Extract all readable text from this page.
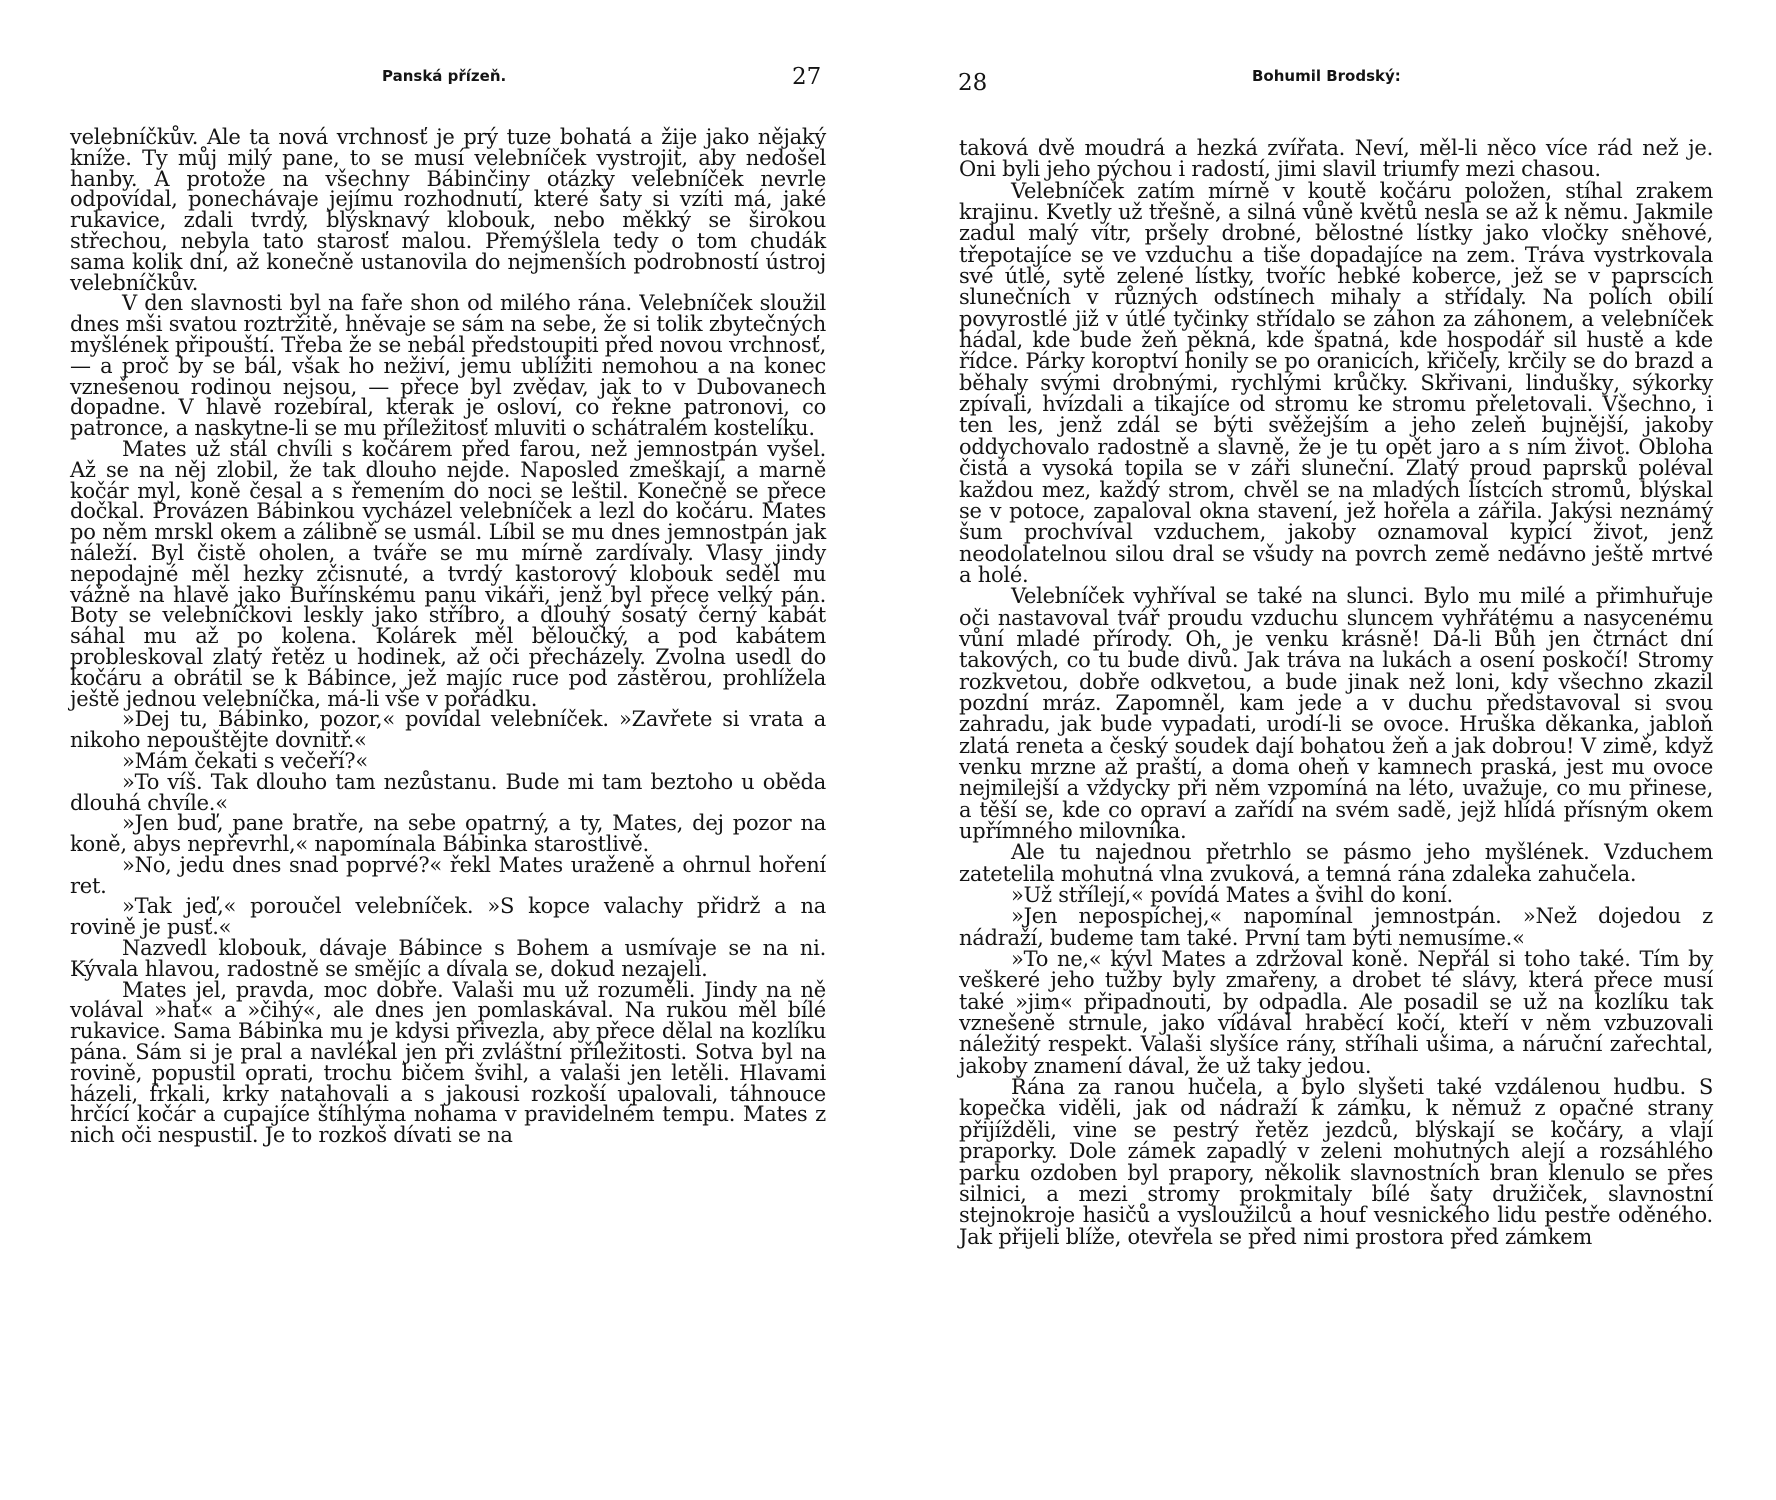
Panská přízeň.	27

velebníčkův. Ale ta nová vrchnosť je prý tuze bohatá a žije jako nějaký kníže. Ty můj milý pane, to se musí velebníček vystrojit, aby nedošel hanby. A protože na všechny Bábinčiny otázky velebníček nevrle odpovídal, ponechávaje jejímu rozhodnutí, které šaty si vzíti má, jaké rukavice, zdali tvrdý, blýsknavý klobouk, nebo měkký se širokou střechou, nebyla tato starosť malou. Přemýšlela tedy o tom chudák sama kolik dní, až konečně ustanovila do nejmenších podrobností ústroj velebníčkův.

V den slavnosti byl na faře shon od milého rána. Velebníček sloužil dnes mši svatou roztržitě, hněvaje se sám na sebe, že si tolik zbytečných myšlének připouští. Třeba že se nebál předstoupiti před novou vrchnosť, — a proč by se bál, však ho neživí, jemu ublížiti nemohou a na konec vznešenou rodinou nejsou, — přece byl zvědav, jak to v Dubovanech dopadne. V hlavě rozebíral, kterak je osloví, co řekne patronovi, co patronce, a naskytne-li se mu příležitosť mluviti o schátralém kostelíku.

Mates už stál chvíli s kočárem před farou, než jemnostpán vyšel. Až se na něj zlobil, že tak dlouho nejde. Naposled zmeškají, a marně kočár myl, koně česal a s řemením do noci se leštil. Konečně se přece dočkal. Provázen Bábinkou vycházel velebníček a lezl do kočáru. Mates po něm mrskl okem a zálibně se usmál. Líbil se mu dnes jemnostpán jak náleží. Byl čistě oholen, a tváře se mu mírně zardívaly. Vlasy jindy nepodajné měl hezky zčisnuté, a tvrdý kastorový klobouk seděl mu vážně na hlavě jako Buřínskému panu vikáři, jenž byl přece velký pán. Boty se velebníčkovi leskly jako stříbro, a dlouhý šosatý černý kabát sáhal mu až po kolena. Kolárek měl běloučký, a pod kabátem probleskoval zlatý řetěz u hodinek, až oči přecházely. Zvolna usedl do kočáru a obrátil se k Bábince, jež majíc ruce pod zástěrou, prohlížela ještě jednou velebníčka, má-li vše v pořádku.

»Dej tu, Bábinko, pozor,« povídal velebníček. »Zavřete si vrata a nikoho nepouštějte dovnitř.«

»Mám čekati s večeří?«

»To víš. Tak dlouho tam nezůstanu. Bude mi tam beztoho u oběda dlouhá chvíle.«

»Jen buď, pane bratře, na sebe opatrný, a ty, Mates, dej pozor na koně, abys nepřevrhl,« napomínala Bábinka starostlivě.

»No, jedu dnes snad poprvé?« řekl Mates uraženě a ohrnul hoření ret.

»Tak jeď,« poroučel velebníček. »S kopce valachy přidrž a na rovině je pusť.«

Nazvedl klobouk, dávaje Bábince s Bohem a usmívaje se na ni. Kývala hlavou, radostně se smějíc a dívala se, dokud nezajeli.

Mates jel, pravda, moc dobře. Valaši mu už rozuměli. Jindy na ně volával »hat« a »čihý«, ale dnes jen pomlaskával. Na rukou měl bílé rukavice. Sama Bábinka mu je kdysi přivezla, aby přece dělal na kozlíku pána. Sám si je pral a navlékal jen při zvláštní příležitosti. Sotva byl na rovině, popustil oprati, trochu bičem švihl, a valaši jen letěli. Hlavami házeli, frkali, krky natahovali a s jakousi rozkoší upalovali, táhnouce hrčící kočár a cupajíce štíhlýma nohama v pravidelném tempu. Mates z nich oči nespustil. Je to rozkoš dívati se na

28	Bohumil Brodský:

taková dvě moudrá a hezká zvířata. Neví, měl-li něco více rád než je. Oni byli jeho pýchou i radostí, jimi slavil triumfy mezi chasou.

Velebníček zatím mírně v koutě kočáru položen, stíhal zrakem krajinu. Kvetly už třešně, a silná vůně květů nesla se až k němu. Jakmile zadul malý vítr, pršely drobné, bělostné lístky jako vločky sněhové, třepotajíce se ve vzduchu a tiše dopadajíce na zem. Tráva vystrkovala své útlé, sytě zelené lístky, tvoříc hebké koberce, jež se v paprscích slunečních v různých odstínech mihaly a střídaly. Na polích obilí povyrostlé již v útlé tyčinky střídalo se záhon za záhonem, a velebníček hádal, kde bude žeň pěkná, kde špatná, kde hospodář sil hustě a kde řídce. Párky koroptví honily se po oranicích, křičely, krčily se do brazd a běhaly svými drobnými, rychlými krůčky. Skřivani, linduškу, sýkorky zpívali, hvízdali a tikajíce od stromu ke stromu přeletovali. Všechno, i ten les, jenž zdál se býti svěžejším a jeho zeleň bujnější, jakoby oddychovalo radostně a slavně, že je tu opět jaro a s ním život. Obloha čistá a vysoká topila se v záři sluneční. Zlatý proud paprsků poléval každou mez, každý strom, chvěl se na mladých lístcích stromů, blýskal se v potoce, zapaloval okna stavení, jež hořela a zářila. Jakýsi neznámý šum prochvíval vzduchem, jakoby oznamoval kypící život, jenž neodolatelnou silou dral se všudy na povrch země nedávno ještě mrtvé a holé.

Velebníček vyhříval se také na slunci. Bylo mu milé a přimhuřuje oči nastavoval tvář proudu vzduchu sluncem vyhřátému a nasycenému vůní mladé přírody. Oh, je venku krásně! Dá-li Bůh jen čtrnáct dní takových, co tu bude divů. Jak tráva na lukách a osení poskočí! Stromy rozkvetou, dobře odkvetou, a bude jinak než loni, kdy všechno zkazil pozdní mráz. Zapomněl, kam jede a v duchu představoval si svou zahradu, jak bude vypadati, urodí-li se ovoce. Hruška děkanka, jabloň zlatá reneta a český soudek dají bohatou žeň a jak dobrou! V zimě, když venku mrzne až praští, a doma oheň v kamnech praská, jest mu ovoce nejmilejší a vždycky při něm vzpomíná na léto, uvažuje, co mu přinese, a těší se, kde co opraví a zařídí na svém sadě, jejž hlídá přísným okem upřímného milovníka.

Ale tu najednou přetrhlo se pásmo jeho myšlének. Vzduchem zatetelila mohutná vlna zvuková, a temná rána zdaleka zahučela.

»Už střílejí,« povídá Mates a švihl do koní.

»Jen nepospíchej,« napomínal jemnostpán. »Než dojedou z nádraží, budeme tam také. První tam býti nemusíme.«

»To ne,« kývl Mates a zdržoval koně. Nepřál si toho také. Tím by veškeré jeho tužby byly zmařeny, a drobet té slávy, která přece musí také »jim« připadnouti, by odpadla. Ale posadil se už na kozlíku tak vznešeně strnule, jako vídával hraběcí kočí, kteří v něm vzbuzovali náležitý respekt. Valaši slyšíce rány, stříhali ušima, a náruční zařechtal, jakoby znamení dával, že už taky jedou.

Rána za ranou hučela, a bylo slyšeti také vzdálenou hudbu. S kopečka viděli, jak od nádraží k zámku, k němuž z opačné strany přijížděli, vine se pestrý řetěz jezdců, blýskají se kočáry, a vlají praporky. Dole zámek zapadlý v zeleni mohutných alejí a rozsáhlého parku ozdoben byl prapory, několik slavnostních bran klenulo se přes silnici, a mezi stromy prokmitaly bílé šaty družiček, slavnostní stejnokroje hasičů a vysloužilců a houf vesnického lidu pestře oděného. Jak přijeli blíže, otevřela se před nimi prostora před zámkem
